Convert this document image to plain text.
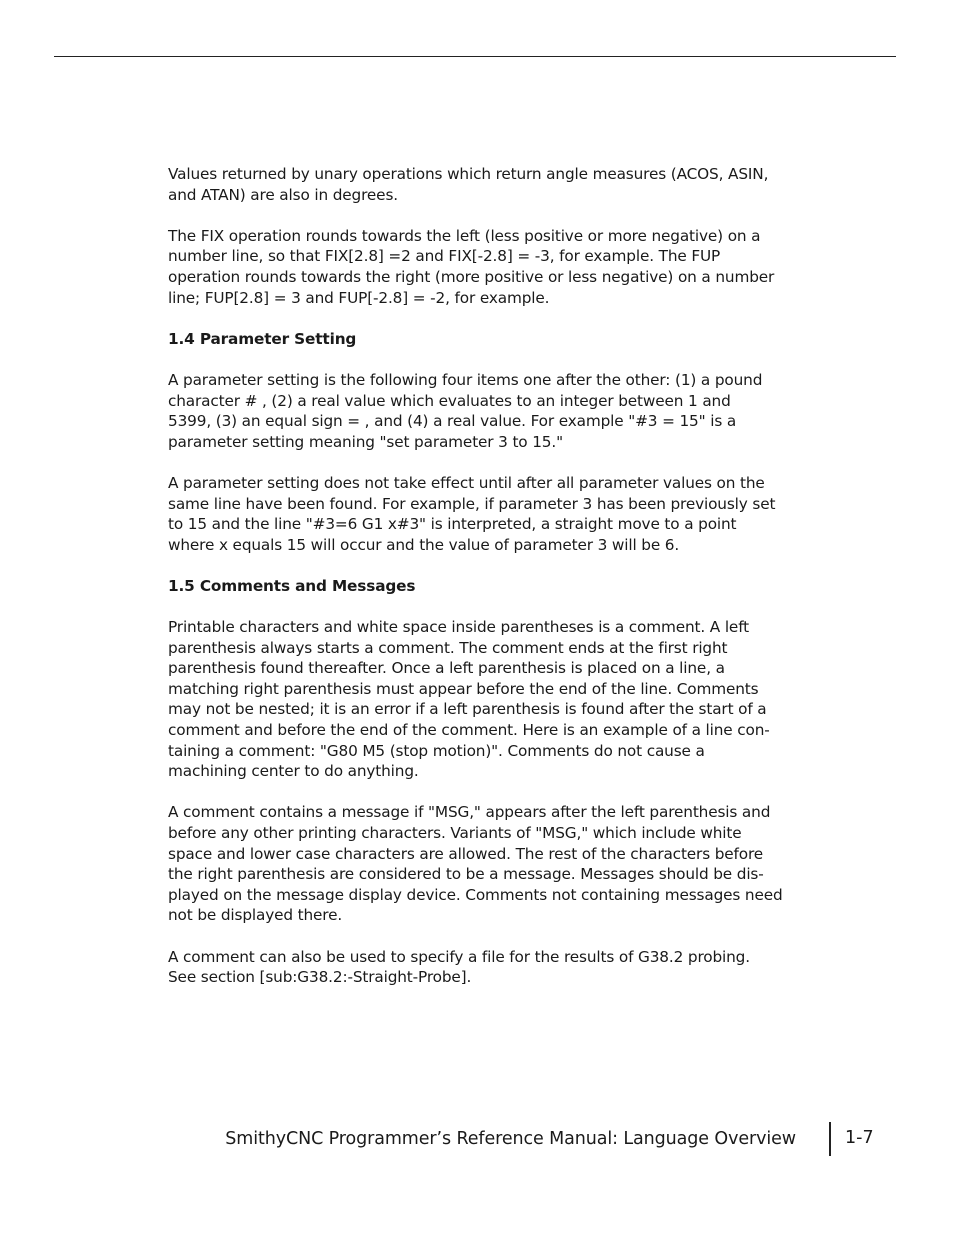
Values returned by unary operations which return angle measures (ACOS, ASIN,
and ATAN) are also in degrees.

The FIX operation rounds towards the left (less positive or more negative) on a
number line, so that FIX[2.8] =2 and FIX[-2.8] = -3, for example. The FUP
operation rounds towards the right (more positive or less negative) on a number
line; FUP[2.8] = 3 and FUP[-2.8] = -2, for example.

1.4 Parameter Setting

A parameter setting is the following four items one after the other: (1) a pound
character # , (2) a real value which evaluates to an integer between 1 and
5399, (3) an equal sign = , and (4) a real value. For example "#3 = 15" is a
parameter setting meaning "set parameter 3 to 15."

A parameter setting does not take effect until after all parameter values on the
same line have been found. For example, if parameter 3 has been previously set
to 15 and the line "#3=6 G1 x#3" is interpreted, a straight move to a point
where x equals 15 will occur and the value of parameter 3 will be 6.

1.5 Comments and Messages

Printable characters and white space inside parentheses is a comment. A left
parenthesis always starts a comment. The comment ends at the first right
parenthesis found thereafter. Once a left parenthesis is placed on a line, a
matching right parenthesis must appear before the end of the line. Comments
may not be nested; it is an error if a left parenthesis is found after the start of a
comment and before the end of the comment. Here is an example of a line con-
taining a comment: "G80 M5 (stop motion)". Comments do not cause a
machining center to do anything.

A comment contains a message if "MSG," appears after the left parenthesis and
before any other printing characters. Variants of "MSG," which include white
space and lower case characters are allowed. The rest of the characters before
the right parenthesis are considered to be a message. Messages should be dis-
played on the message display device. Comments not containing messages need
not be displayed there.

A comment can also be used to specify a file for the results of G38.2 probing.
See section [sub:G38.2:-Straight-Probe].

SmithyCNC Programmer’s Reference Manual: Language Overview	1-7
